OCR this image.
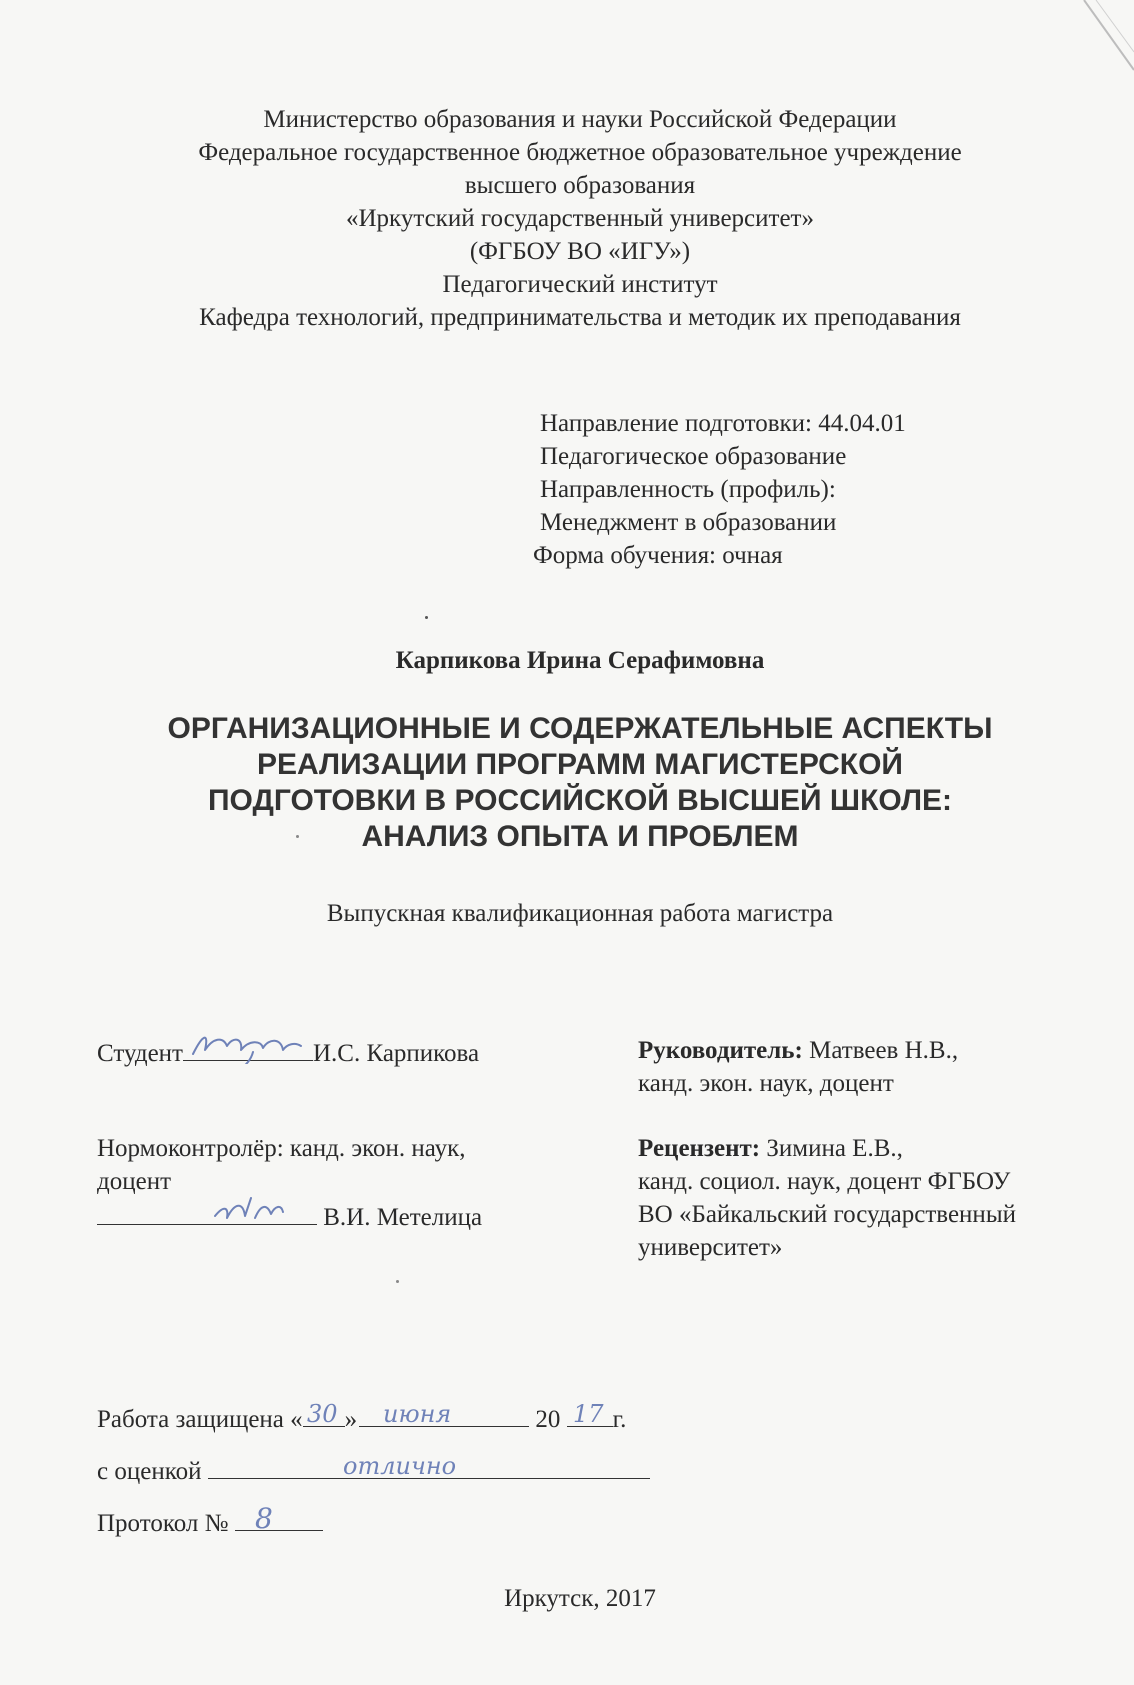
Министерство образования и науки Российской Федерации
Федеральное государственное бюджетное образовательное учреждение
высшего образования
«Иркутский государственный университет»
(ФГБОУ ВО «ИГУ»)
Педагогический институт
Кафедра технологий, предпринимательства и методик их преподавания
Направление подготовки: 44.04.01
Педагогическое образование
Направленность (профиль):
Менеджмент в образовании
Форма обучения: очная
Карпикова Ирина Серафимовна
ОРГАНИЗАЦИОННЫЕ И СОДЕРЖАТЕЛЬНЫЕ АСПЕКТЫ
РЕАЛИЗАЦИИ ПРОГРАММ МАГИСТЕРСКОЙ
ПОДГОТОВКИ В РОССИЙСКОЙ ВЫСШЕЙ ШКОЛЕ:
АНАЛИЗ ОПЫТА И ПРОБЛЕМ
Выпускная квалификационная работа магистра
Студент	И.С. Карпикова	Руководитель: Матвеев Н.В.,
канд. экон. наук, доцент
Нормоконтролёр: канд. экон. наук,
доцент
В.И. Метелица
Рецензент: Зимина Е.В.,
канд. социол. наук, доцент ФГБОУ
ВО «Байкальский государственный
университет»
Работа защищена « 30 » июня	20 17 г.
с оценкой	отлично
Протокол № 8
Иркутск, 2017
